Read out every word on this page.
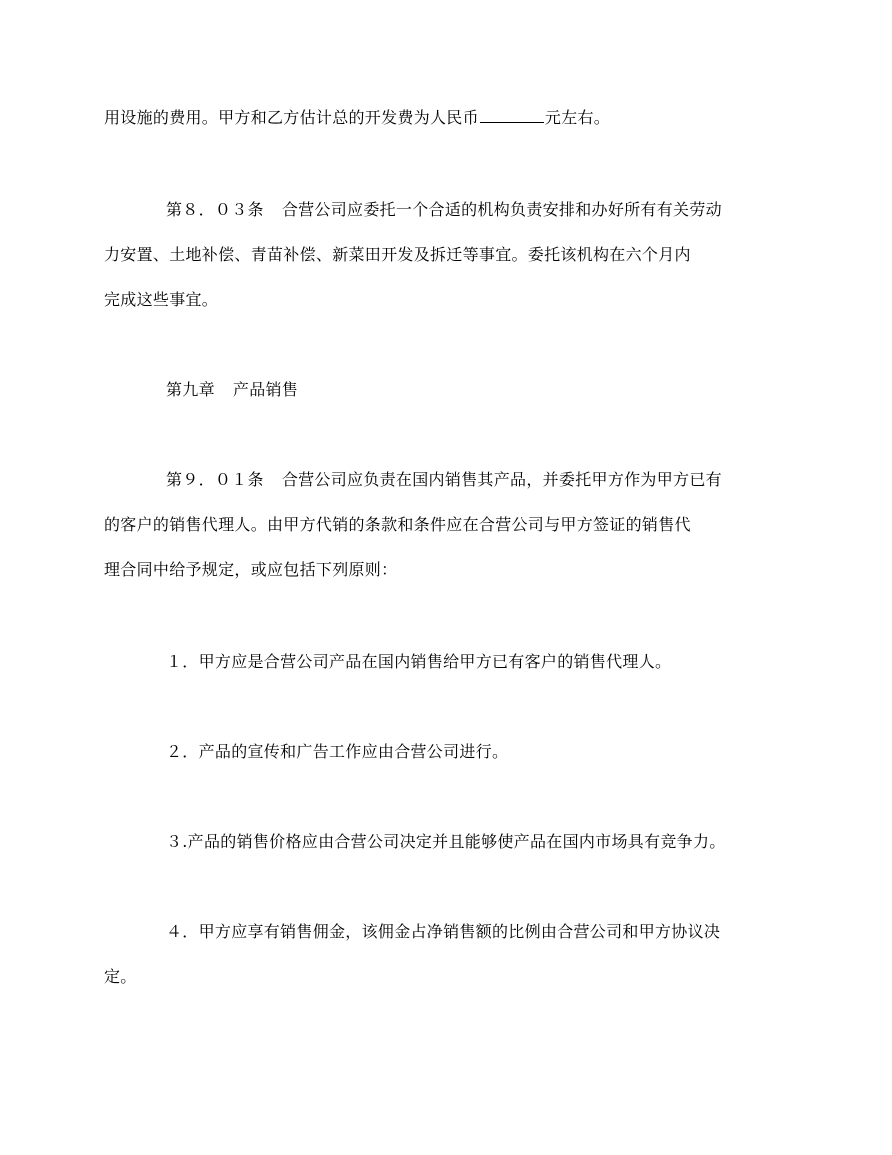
用设施的费用。甲方和乙方估计总的开发费为人民币	元左右。
第８．０３条 合营公司应委托一个合适的机构负责安排和办好所有有关劳动
力安置、土地补偿、青苗补偿、新菜田开发及拆迁等事宜。委托该机构在六个月内
完成这些事宜。
第九章 产品销售
第９．０１条 合营公司应负责在国内销售其产品，并委托甲方作为甲方已有
的客户的销售代理人。由甲方代销的条款和条件应在合营公司与甲方签证的销售代
理合同中给予规定，或应包括下列原则：
１．甲方应是合营公司产品在国内销售给甲方已有客户的销售代理人。
２．产品的宣传和广告工作应由合营公司进行。
３.产品的销售价格应由合营公司决定并且能够使产品在国内市场具有竞争力。
４．甲方应享有销售佣金，该佣金占净销售额的比例由合营公司和甲方协议决
定。
